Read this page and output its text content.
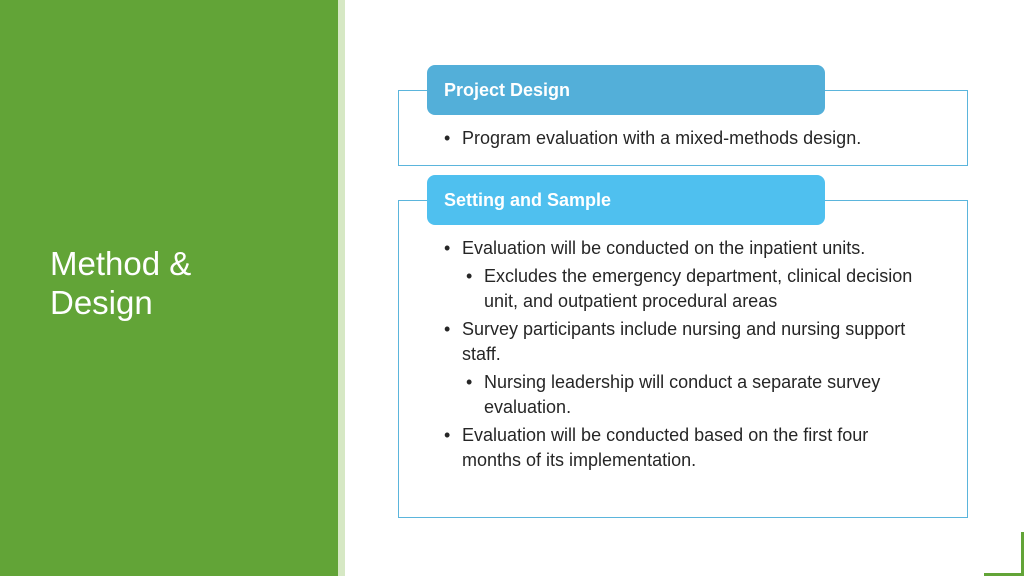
Method &
Design
Project Design
• Program evaluation with a mixed-methods design.
Setting and Sample
• Evaluation will be conducted on the inpatient units.
• Excludes the emergency department, clinical decision unit, and outpatient procedural areas
• Survey participants include nursing and nursing support staff.
• Nursing leadership will conduct a separate survey evaluation.
• Evaluation will be conducted based on the first four months of its implementation.
